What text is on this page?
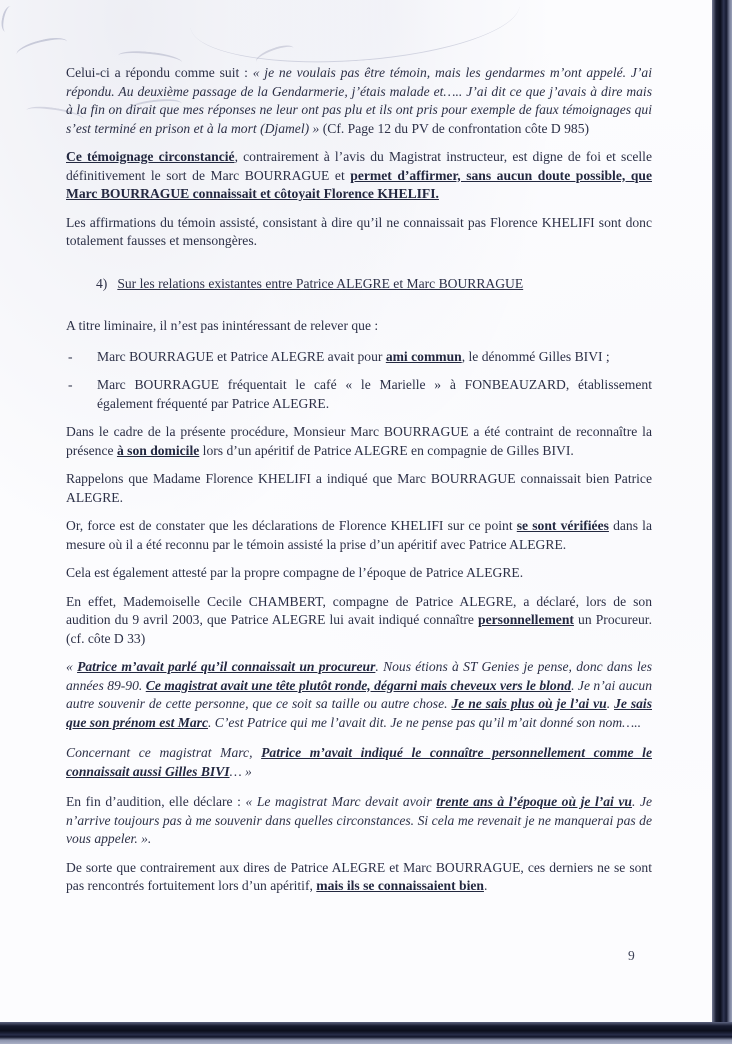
Celui-ci a répondu comme suit : « je ne voulais pas être témoin, mais les gendarmes m’ont appelé. J’ai répondu. Au deuxième passage de la Gendarmerie, j’étais malade et….. J’ai dit ce que j’avais à dire mais à la fin on dirait que mes réponses ne leur ont pas plu et ils ont pris pour exemple de faux témoignages qui s’est terminé en prison et à la mort (Djamel) » (Cf. Page 12 du PV de confrontation côte D 985)

Ce témoignage circonstancié, contrairement à l’avis du Magistrat instructeur, est digne de foi et scelle définitivement le sort de Marc BOURRAGUE et permet d’affirmer, sans aucun doute possible, que Marc BOURRAGUE connaissait et côtoyait Florence KHELIFI.

Les affirmations du témoin assisté, consistant à dire qu’il ne connaissait pas Florence KHELIFI sont donc totalement fausses et mensongères.

4) Sur les relations existantes entre Patrice ALEGRE et Marc BOURRAGUE

A titre liminaire, il n’est pas inintéressant de relever que :

- Marc BOURRAGUE et Patrice ALEGRE avait pour ami commun, le dénommé Gilles BIVI ;

- Marc BOURRAGUE fréquentait le café « le Marielle » à FONBEAUZARD, établissement également fréquenté par Patrice ALEGRE.

Dans le cadre de la présente procédure, Monsieur Marc BOURRAGUE a été contraint de reconnaître la présence à son domicile lors d’un apéritif de Patrice ALEGRE en compagnie de Gilles BIVI.

Rappelons que Madame Florence KHELIFI a indiqué que Marc BOURRAGUE connaissait bien Patrice ALEGRE.

Or, force est de constater que les déclarations de Florence KHELIFI sur ce point se sont vérifiées dans la mesure où il a été reconnu par le témoin assisté la prise d’un apéritif avec Patrice ALEGRE.

Cela est également attesté par la propre compagne de l’époque de Patrice ALEGRE.

En effet, Mademoiselle Cecile CHAMBERT, compagne de Patrice ALEGRE, a déclaré, lors de son audition du 9 avril 2003, que Patrice ALEGRE lui avait indiqué connaître personnellement un Procureur. (cf. côte D 33)

« Patrice m’avait parlé qu’il connaissait un procureur. Nous étions à ST Genies je pense, donc dans les années 89-90. Ce magistrat avait une tête plutôt ronde, dégarni mais cheveux vers le blond. Je n’ai aucun autre souvenir de cette personne, que ce soit sa taille ou autre chose. Je ne sais plus où je l’ai vu. Je sais que son prénom est Marc. C’est Patrice qui me l’avait dit. Je ne pense pas qu’il m’ait donné son nom…..

Concernant ce magistrat Marc, Patrice m’avait indiqué le connaître personnellement comme le connaissait aussi Gilles BIVI… »

En fin d’audition, elle déclare : « Le magistrat Marc devait avoir trente ans à l’époque où je l’ai vu. Je n’arrive toujours pas à me souvenir dans quelles circonstances. Si cela me revenait je ne manquerai pas de vous appeler. ».

De sorte que contrairement aux dires de Patrice ALEGRE et Marc BOURRAGUE, ces derniers ne se sont pas rencontrés fortuitement lors d’un apéritif, mais ils se connaissaient bien.

9
